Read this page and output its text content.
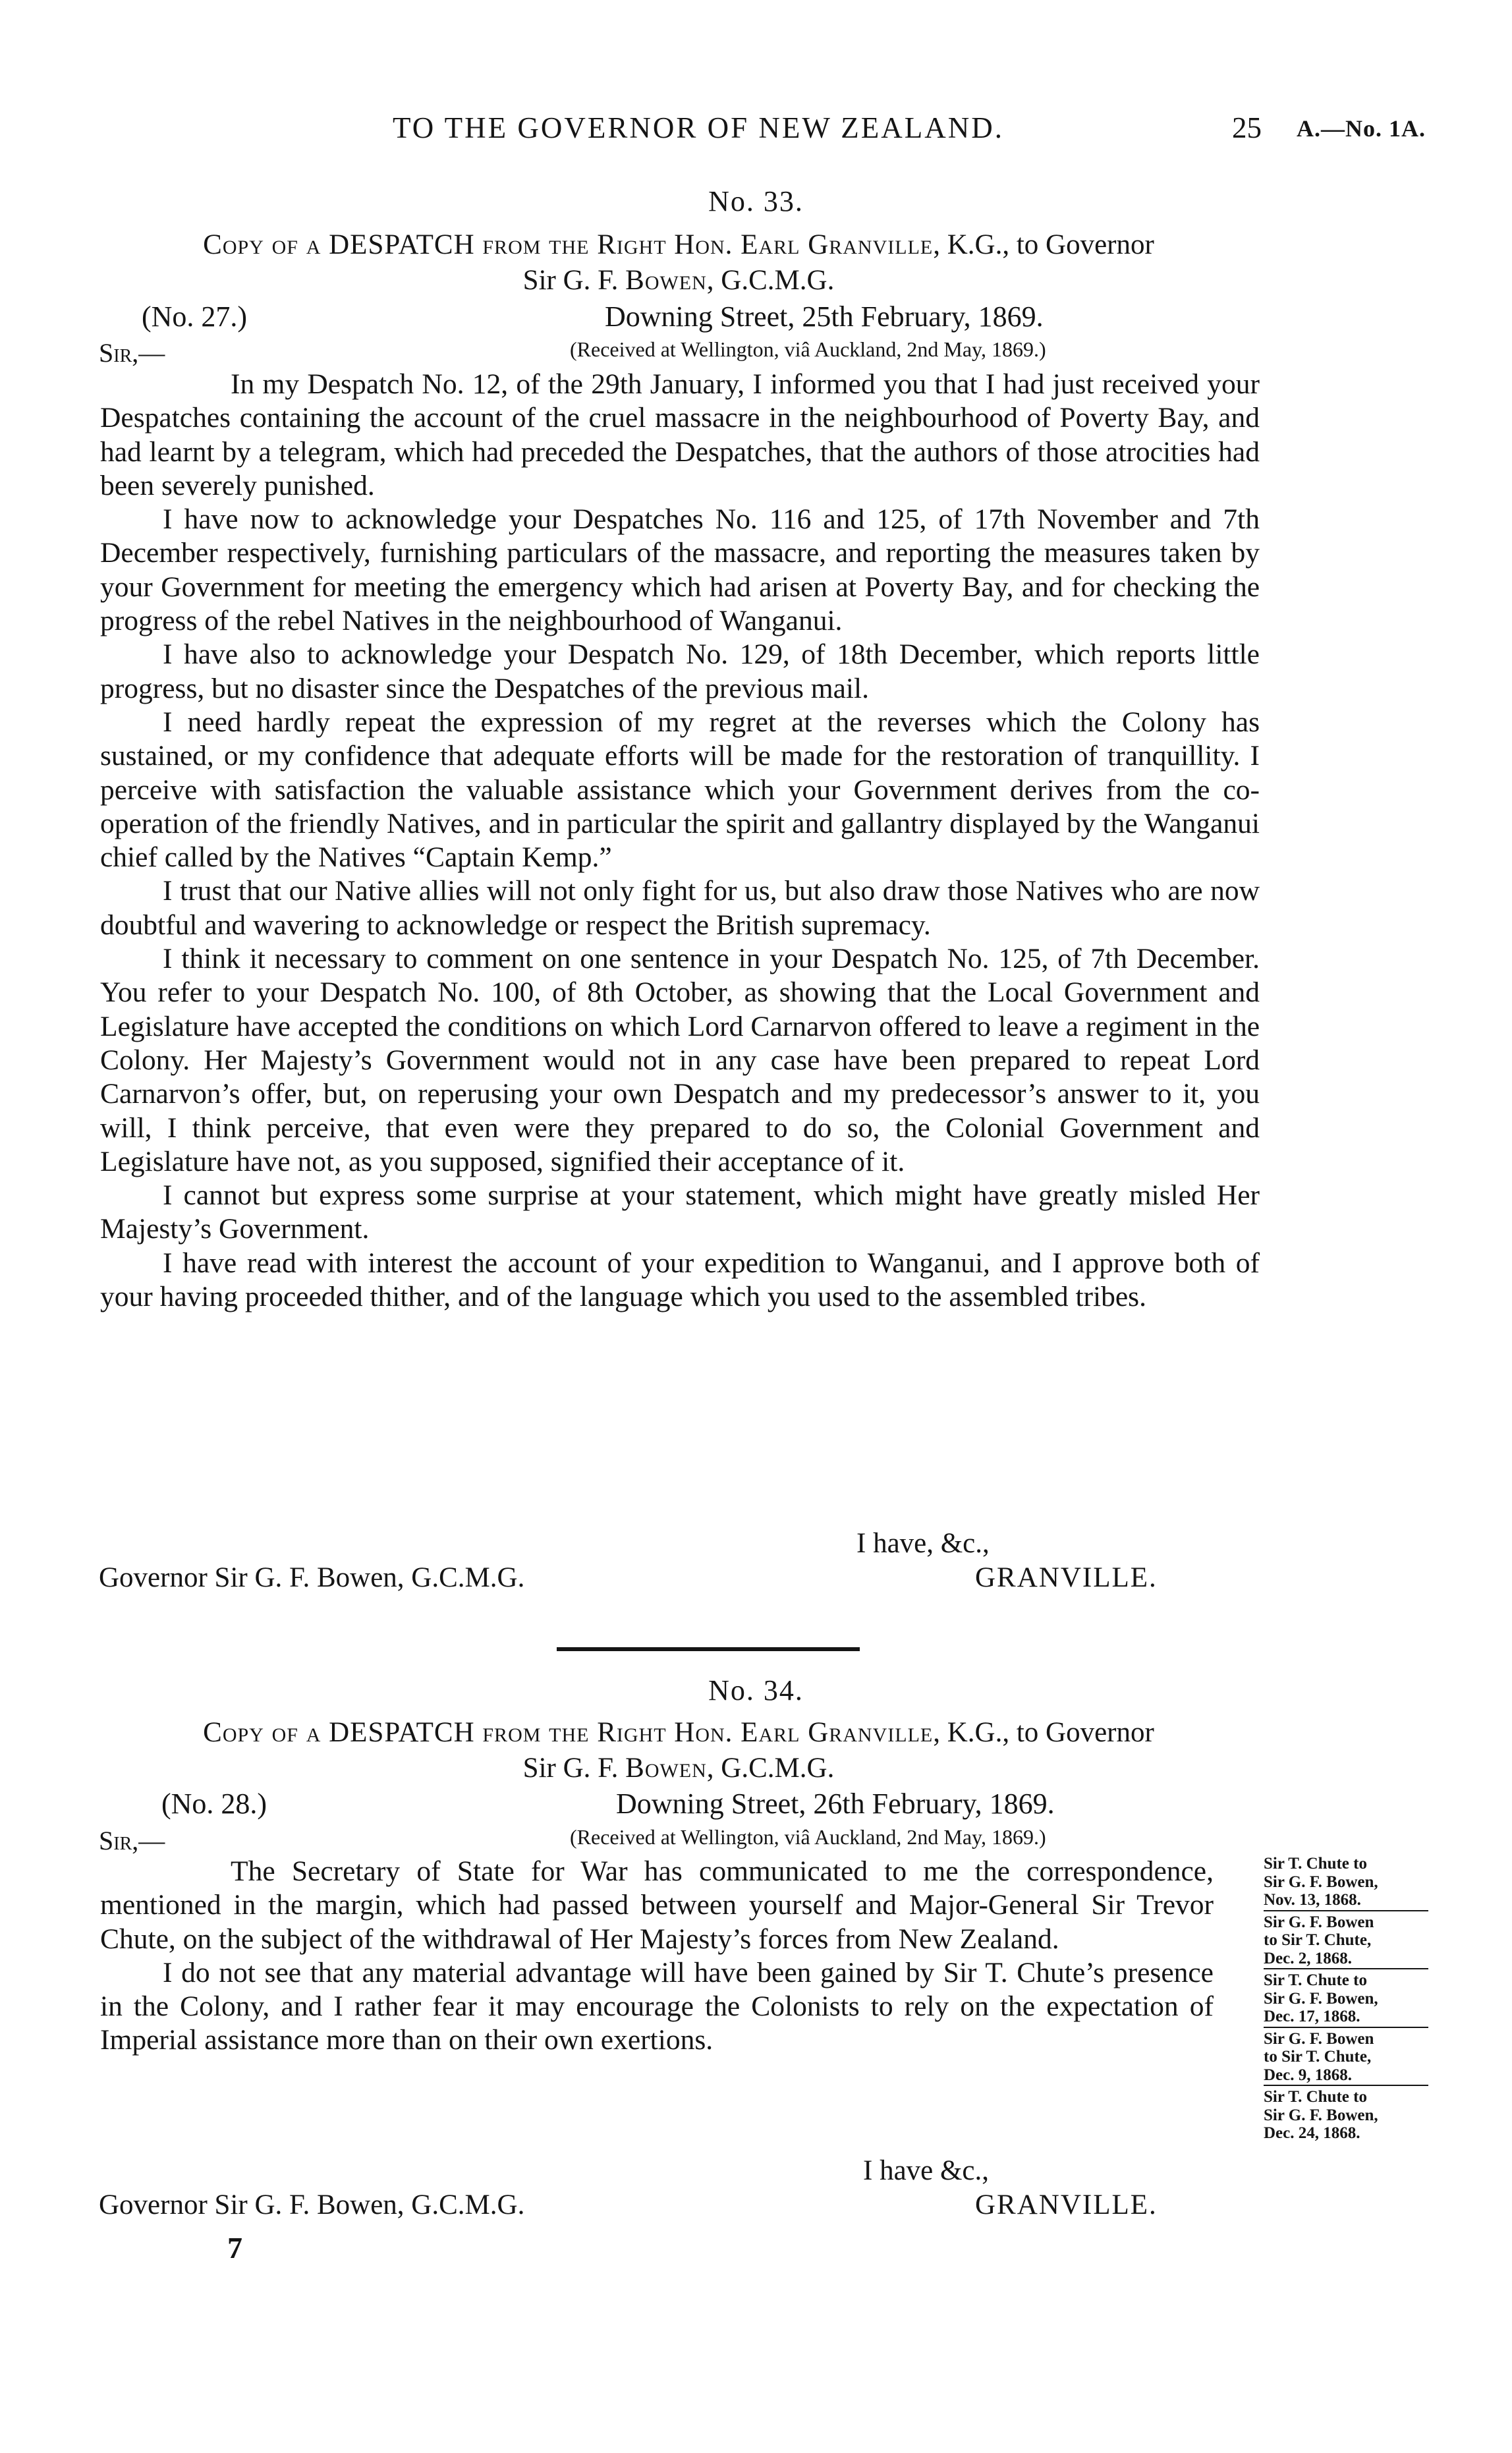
TO THE GOVERNOR OF NEW ZEALAND.	25 A.—No. 1A.
No. 33.
Copy of a DESPATCH from the Right Hon. Earl Granville, K.G., to Governor
Sir G. F. Bowen, G.C.M.G.
(No. 27.)	Downing Street, 25th February, 1869.
Sir,—	(Received at Wellington, viâ Auckland, 2nd May, 1869.)

In my Despatch No. 12, of the 29th January, I informed you that I had just received your Despatches containing the account of the cruel massacre in the neighbourhood of Poverty Bay, and had learnt by a telegram, which had preceded the Despatches, that the authors of those atrocities had been severely punished.

I have now to acknowledge your Despatches No. 116 and 125, of 17th November and 7th December respectively, furnishing particulars of the massacre, and reporting the measures taken by your Government for meeting the emergency which had arisen at Poverty Bay, and for checking the progress of the rebel Natives in the neighbourhood of Wanganui.

I have also to acknowledge your Despatch No. 129, of 18th December, which reports little progress, but no disaster since the Despatches of the previous mail.

I need hardly repeat the expression of my regret at the reverses which the Colony has sustained, or my confidence that adequate efforts will be made for the restoration of tranquillity. I perceive with satisfaction the valuable assistance which your Government derives from the co-operation of the friendly Natives, and in particular the spirit and gallantry displayed by the Wanganui chief called by the Natives “Captain Kemp.”

I trust that our Native allies will not only fight for us, but also draw those Natives who are now doubtful and wavering to acknowledge or respect the British supremacy.

I think it necessary to comment on one sentence in your Despatch No. 125, of 7th December. You refer to your Despatch No. 100, of 8th October, as showing that the Local Government and Legislature have accepted the conditions on which Lord Carnarvon offered to leave a regiment in the Colony. Her Majesty’s Government would not in any case have been prepared to repeat Lord Carnarvon’s offer, but, on reperusing your own Despatch and my predecessor’s answer to it, you will, I think perceive, that even were they prepared to do so, the Colonial Government and Legislature have not, as you supposed, signified their acceptance of it.

I cannot but express some surprise at your statement, which might have greatly misled Her Majesty’s Government.

I have read with interest the account of your expedition to Wanganui, and I approve both of your having proceeded thither, and of the language which you used to the assembled tribes.

I have, &c.,
Governor Sir G. F. Bowen, G.C.M.G.	GRANVILLE.
No. 34.
Copy of a DESPATCH from the Right Hon. Earl Granville, K.G., to Governor
Sir G. F. Bowen, G.C.M.G.
(No. 28.)	Downing Street, 26th February, 1869.
Sir,—	(Received at Wellington, viâ Auckland, 2nd May, 1869.)

The Secretary of State for War has communicated to me the correspondence, mentioned in the margin, which had passed between yourself and Major-General Sir Trevor Chute, on the subject of the withdrawal of Her Majesty’s forces from New Zealand.

I do not see that any material advantage will have been gained by Sir T. Chute’s presence in the Colony, and I rather fear it may encourage the Colonists to rely on the expectation of Imperial assistance more than on their own exertions.

I have &c.,
Governor Sir G. F. Bowen, G.C.M.G.	GRANVILLE.

Sir T. Chute to

Sir G. F. Bowen,

Nov. 13, 1868.

Sir G. F. Bowen

to Sir T. Chute,

Dec. 2, 1868.

Sir T. Chute to

Sir G. F. Bowen,

Dec. 17, 1868.

Sir G. F. Bowen

to Sir T. Chute,

Dec. 9, 1868.

Sir T. Chute to

Sir G. F. Bowen,

Dec. 24, 1868.

7
